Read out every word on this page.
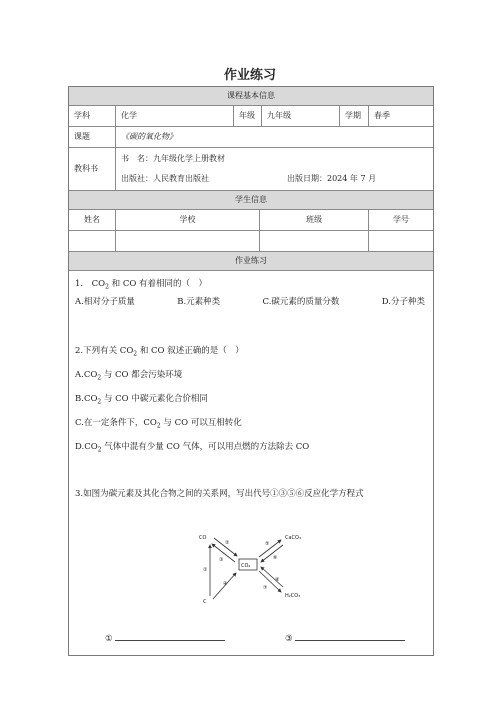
作业练习
课程基本信息
学科	化学	年级	九年级	学期	春季
课题	《碳的氧化物》
教科书
书　名：九年级化学上册教材
出版社：人民教育出版社	出版日期：2024 年 7 月
学生信息
姓名	学校	班级	学号
作业练习
1.　$CO_2$ 和 CO 有着相同的（　）
A.相对分子质量	B.元素种类	C.碳元素的质量分数	D.分子种类
2.下列有关 $CO_2$ 和 CO 叙述正确的是（　）
$A.CO_2$ 与 CO 都会污染环境
$B.CO_2$ 与 CO 中碳元素化合价相同
C.在一定条件下，$CO_2$ 与 CO 可以互相转化
$D.CO_2$ 气体中混有少量 CO 气体，可以用点燃的方法除去 CO
3.如图为碳元素及其化合物之间的关系网，写出代号①③⑤⑥反应化学方程式
CO
CO₂
CaCO₃
H₂CO₃
C
①
②
③
④
⑤
⑥
⑦
⑧
①	③
